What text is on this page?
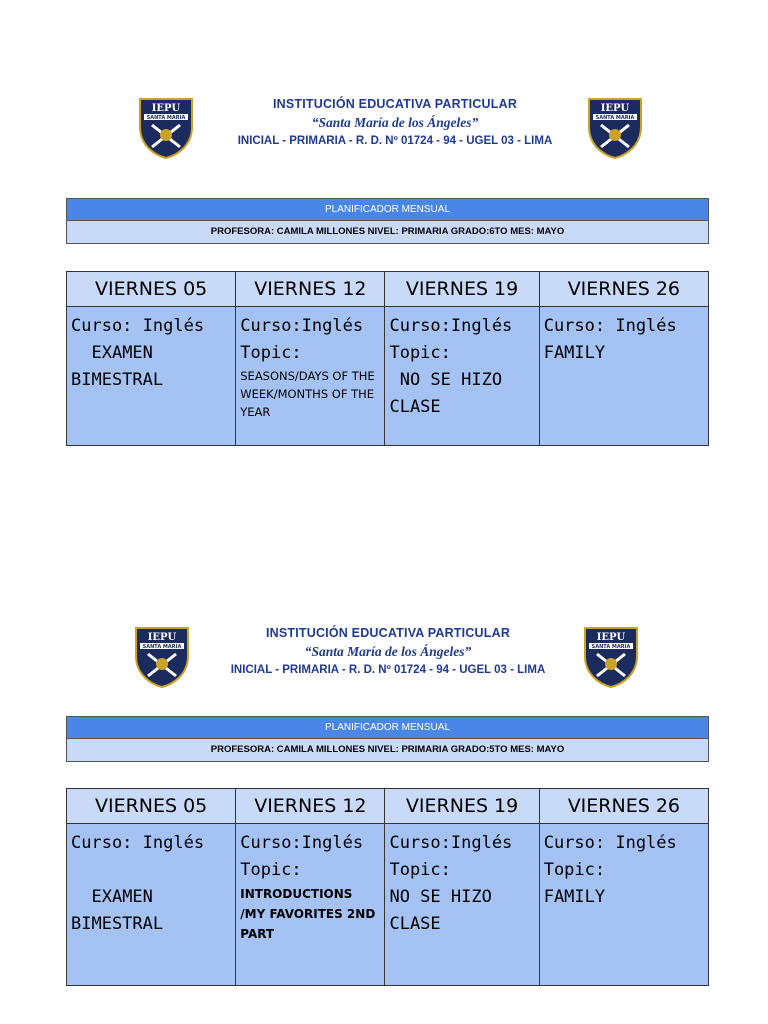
IEPU
SANTA MARIA
INSTITUCIÓN EDUCATIVA PARTICULAR
“Santa María de los Ángeles”
INICIAL - PRIMARIA - R. D. Nº 01724 - 94 - UGEL 03 - LIMA
IEPU
SANTA MARIA
PLANIFICADOR MENSUAL
PROFESORA: CAMILA MILLONES NIVEL: PRIMARIA GRADO:6TO MES: MAYO
VIERNES 05	VIERNES 12	VIERNES 19	VIERNES 26
Curso: Inglés
EXAMEN
BIMESTRAL	Curso:Inglés
Topic:
SEASONS/DAYS OF THE WEEK/MONTHS OF THE YEAR	Curso:Inglés
Topic:
NO SE HIZO
CLASE	Curso: Inglés
FAMILY
IEPU
SANTA MARIA
INSTITUCIÓN EDUCATIVA PARTICULAR
“Santa María de los Ángeles”
INICIAL - PRIMARIA - R. D. Nº 01724 - 94 - UGEL 03 - LIMA
IEPU
SANTA MARIA
PLANIFICADOR MENSUAL
PROFESORA: CAMILA MILLONES NIVEL: PRIMARIA GRADO:5TO MES: MAYO
VIERNES 05	VIERNES 12	VIERNES 19	VIERNES 26
Curso: Inglés

EXAMEN
BIMESTRAL	Curso:Inglés
Topic:
INTRODUCTIONS /MY FAVORITES 2ND PART	Curso:Inglés
Topic:
NO SE HIZO
CLASE	Curso: Inglés
Topic:
FAMILY
